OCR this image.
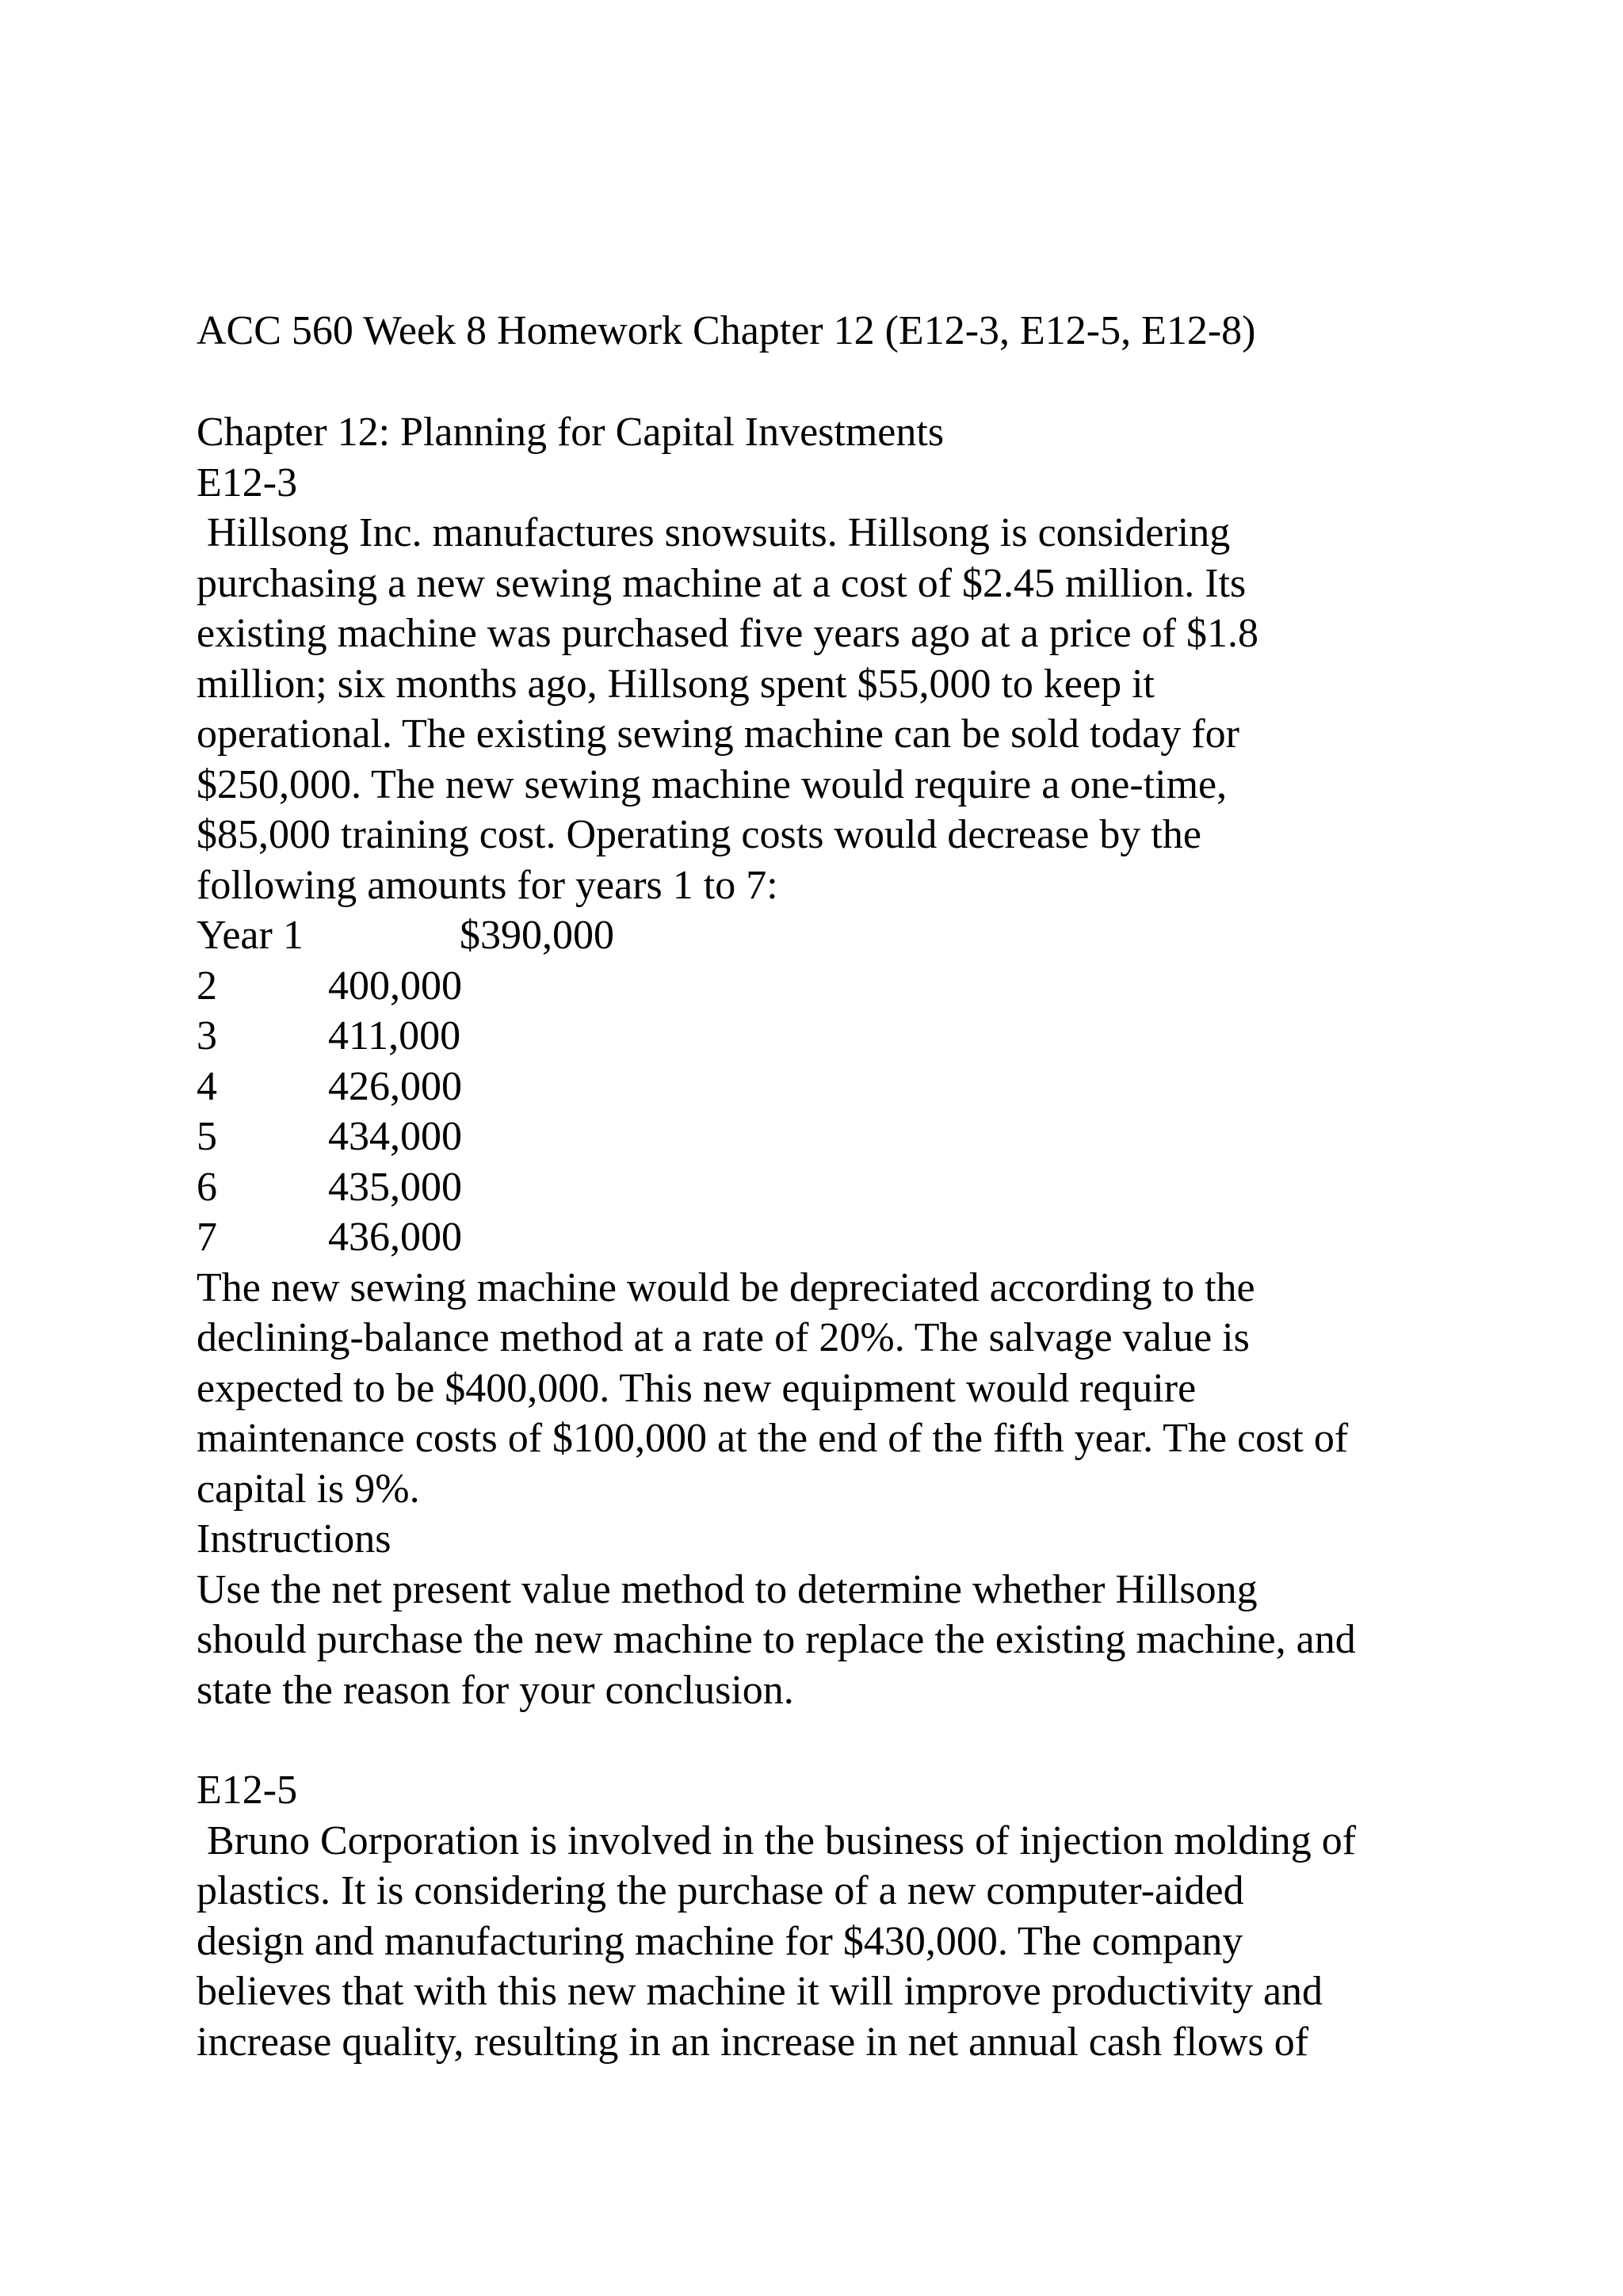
ACC 560 Week 8 Homework Chapter 12 (E12-3, E12-5, E12-8)
Chapter 12: Planning for Capital Investments
E12-3
Hillsong Inc. manufactures snowsuits. Hillsong is considering
purchasing a new sewing machine at a cost of $2.45 million. Its
existing machine was purchased five years ago at a price of $1.8
million; six months ago, Hillsong spent $55,000 to keep it
operational. The existing sewing machine can be sold today for
$250,000. The new sewing machine would require a one-time,
$85,000 training cost. Operating costs would decrease by the
following amounts for years 1 to 7:
Year 1	$390,000
2	400,000
3	411,000
4	426,000
5	434,000
6	435,000
7	436,000
The new sewing machine would be depreciated according to the
declining-balance method at a rate of 20%. The salvage value is
expected to be $400,000. This new equipment would require
maintenance costs of $100,000 at the end of the fifth year. The cost of
capital is 9%.
Instructions
Use the net present value method to determine whether Hillsong
should purchase the new machine to replace the existing machine, and
state the reason for your conclusion.
E12-5
Bruno Corporation is involved in the business of injection molding of
plastics. It is considering the purchase of a new computer-aided
design and manufacturing machine for $430,000. The company
believes that with this new machine it will improve productivity and
increase quality, resulting in an increase in net annual cash flows of
